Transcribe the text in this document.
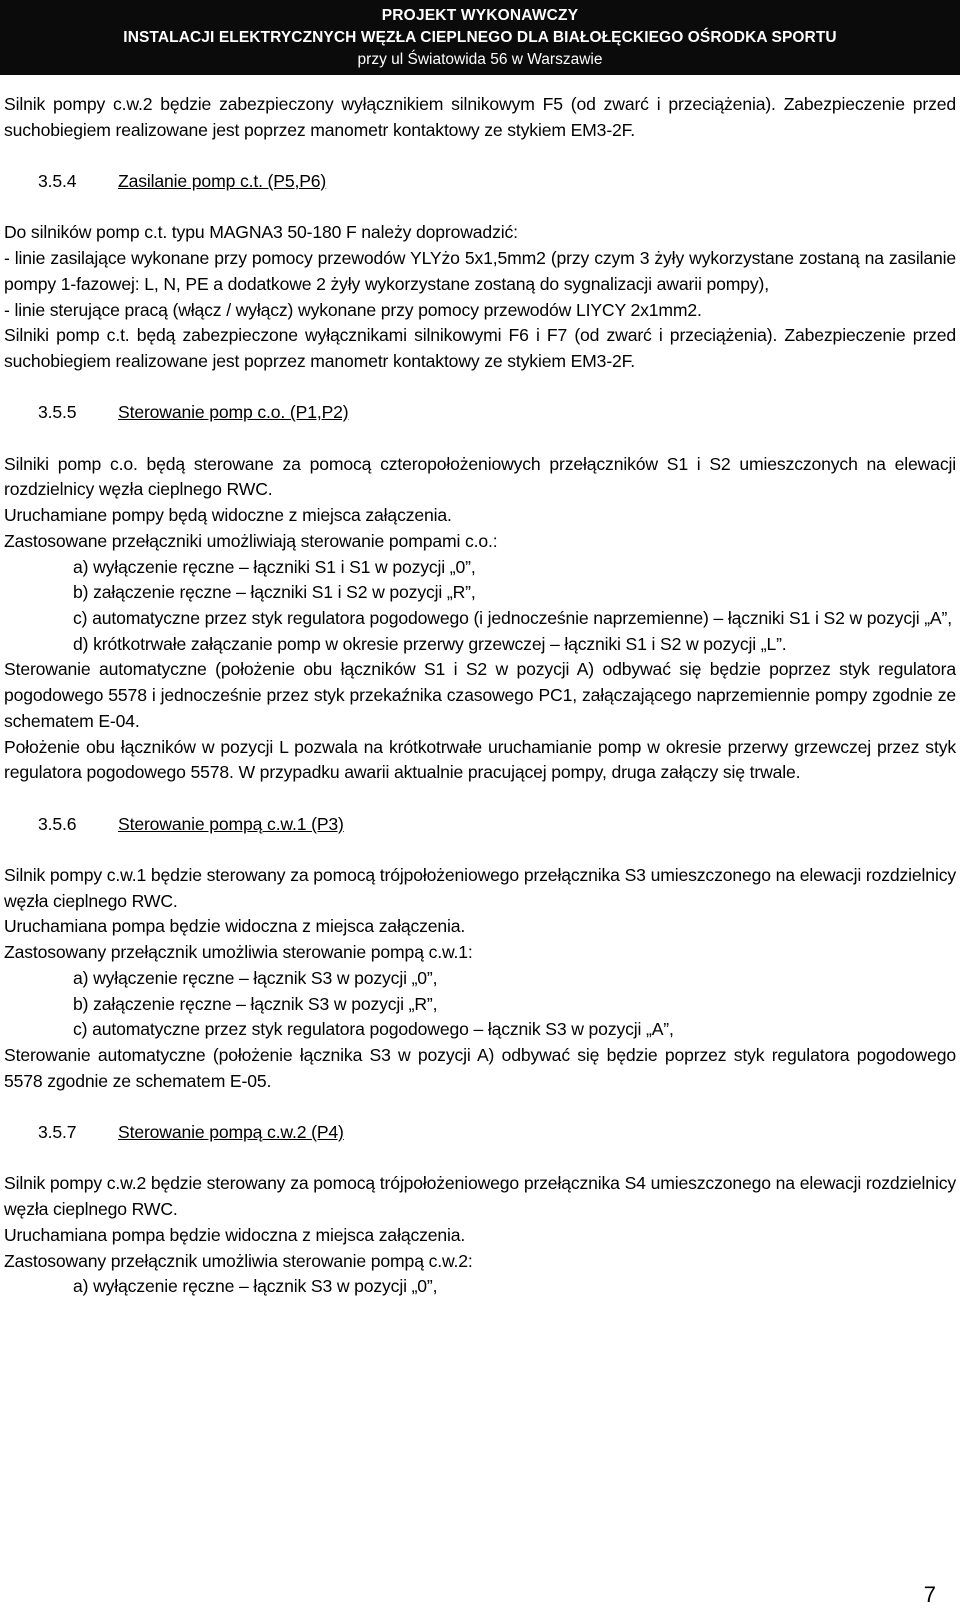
PROJEKT WYKONAWCZY
INSTALACJI ELEKTRYCZNYCH WĘZŁA CIEPLNEGO DLA BIAŁOŁĘCKIEGO OŚRODKA SPORTU
przy ul Światowida 56 w Warszawie

Silnik pompy c.w.2 będzie zabezpieczony wyłącznikiem silnikowym F5 (od zwarć i przeciążenia). Zabezpieczenie przed suchobiegiem realizowane jest poprzez manometr kontaktowy ze stykiem EM3-2F.

3.5.4 Zasilanie pomp c.t. (P5,P6)

Do silników pomp c.t. typu MAGNA3 50-180 F należy doprowadzić:

- linie zasilające wykonane przy pomocy przewodów YLYżo 5x1,5mm2 (przy czym 3 żyły wykorzystane zostaną na zasilanie pompy 1-fazowej: L, N, PE a dodatkowe 2 żyły wykorzystane zostaną do sygnalizacji awarii pompy),

- linie sterujące pracą (włącz / wyłącz) wykonane przy pomocy przewodów LIYCY 2x1mm2.

Silniki pomp c.t. będą zabezpieczone wyłącznikami silnikowymi F6 i F7 (od zwarć i przeciążenia). Zabezpieczenie przed suchobiegiem realizowane jest poprzez manometr kontaktowy ze stykiem EM3-2F.

3.5.5 Sterowanie pomp c.o. (P1,P2)

Silniki pomp c.o. będą sterowane za pomocą czteropołożeniowych przełączników S1 i S2 umieszczonych na elewacji rozdzielnicy węzła cieplnego RWC.

Uruchamiane pompy będą widoczne z miejsca załączenia.

Zastosowane przełączniki umożliwiają sterowanie pompami c.o.:

a) wyłączenie ręczne – łączniki S1 i S1 w pozycji „0”,

b) załączenie ręczne – łączniki S1 i S2 w pozycji „R”,

c) automatyczne przez styk regulatora pogodowego (i jednocześnie naprzemienne) – łączniki S1 i S2 w pozycji „A”,

d) krótkotrwałe załączanie pomp w okresie przerwy grzewczej – łączniki S1 i S2 w pozycji „L”.

Sterowanie automatyczne (położenie obu łączników S1 i S2 w pozycji A) odbywać się będzie poprzez styk regulatora pogodowego 5578 i jednocześnie przez styk przekaźnika czasowego PC1, załączającego naprzemiennie pompy zgodnie ze schematem E-04.

Położenie obu łączników w pozycji L pozwala na krótkotrwałe uruchamianie pomp w okresie przerwy grzewczej przez styk regulatora pogodowego 5578. W przypadku awarii aktualnie pracującej pompy, druga załączy się trwale.

3.5.6 Sterowanie pompą c.w.1 (P3)

Silnik pompy c.w.1 będzie sterowany za pomocą trójpołożeniowego przełącznika S3 umieszczonego na elewacji rozdzielnicy węzła cieplnego RWC.

Uruchamiana pompa będzie widoczna z miejsca załączenia.

Zastosowany przełącznik umożliwia sterowanie pompą c.w.1:

a) wyłączenie ręczne – łącznik S3 w pozycji „0”,

b) załączenie ręczne – łącznik S3 w pozycji „R”,

c) automatyczne przez styk regulatora pogodowego – łącznik S3 w pozycji „A”,

Sterowanie automatyczne (położenie łącznika S3 w pozycji A) odbywać się będzie poprzez styk regulatora pogodowego 5578 zgodnie ze schematem E-05.

3.5.7 Sterowanie pompą c.w.2 (P4)

Silnik pompy c.w.2 będzie sterowany za pomocą trójpołożeniowego przełącznika S4 umieszczonego na elewacji rozdzielnicy węzła cieplnego RWC.

Uruchamiana pompa będzie widoczna z miejsca załączenia.

Zastosowany przełącznik umożliwia sterowanie pompą c.w.2:

a) wyłączenie ręczne – łącznik S3 w pozycji „0”,

7
